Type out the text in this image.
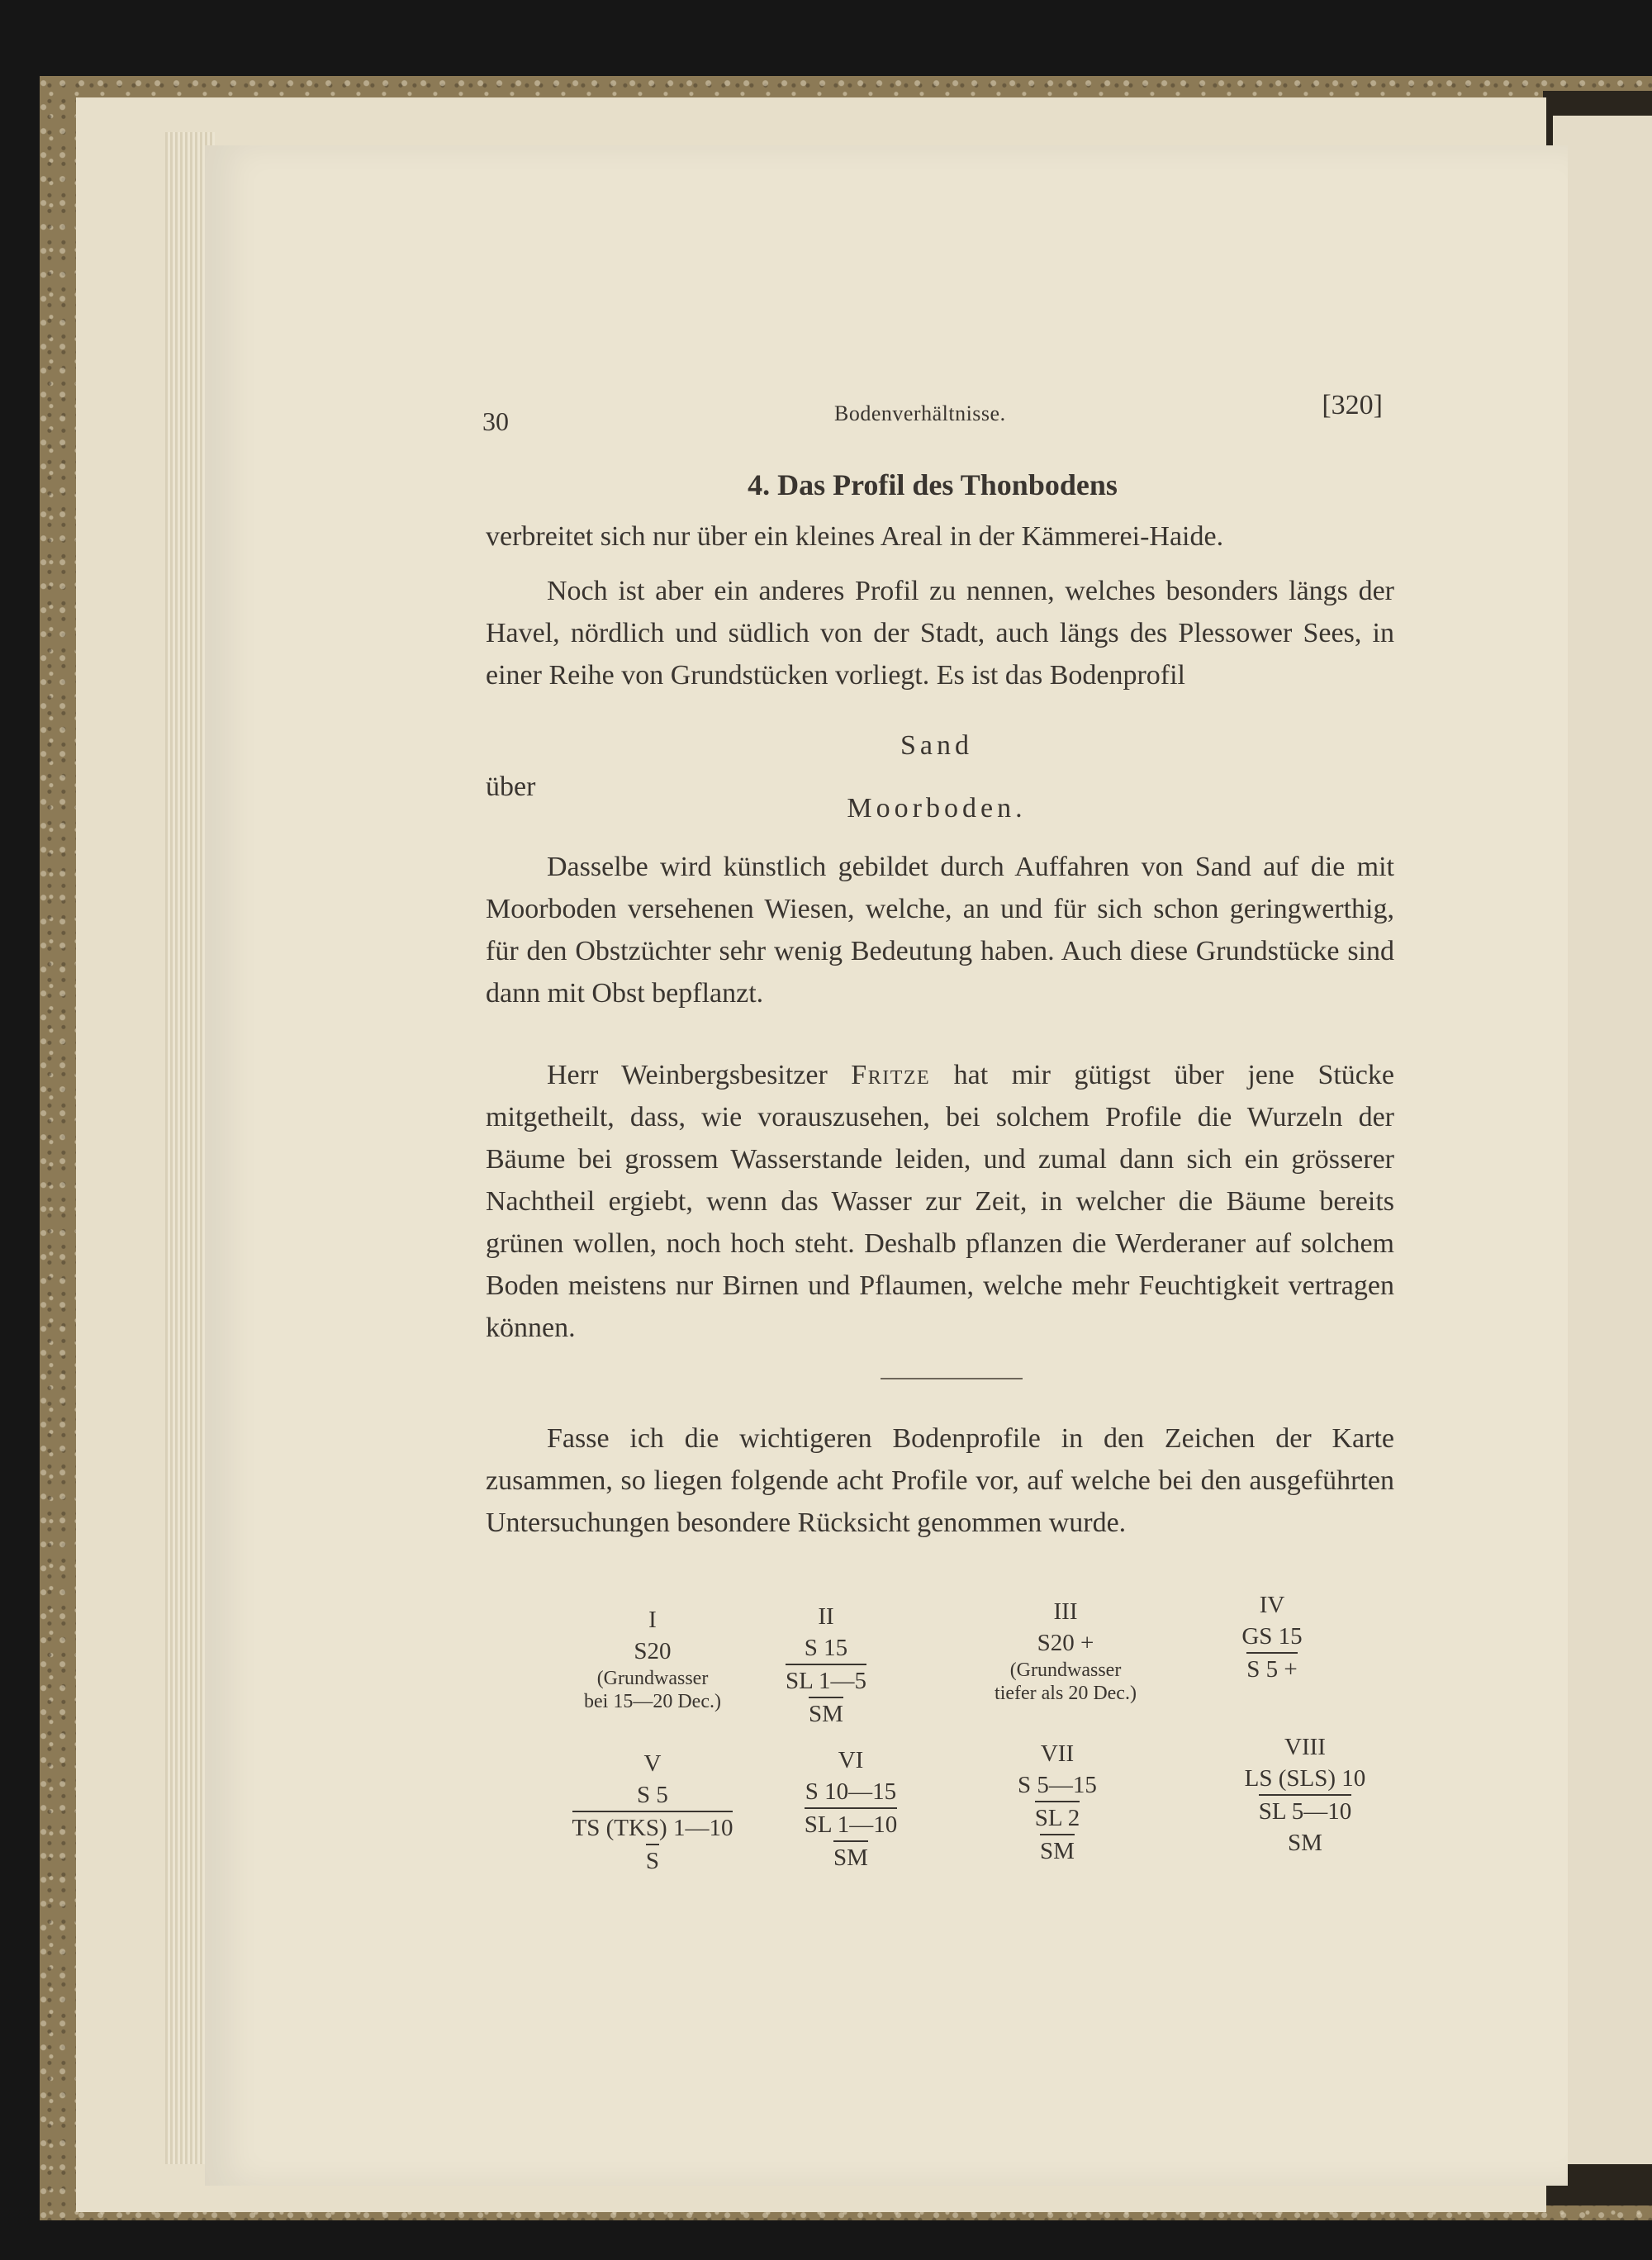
30	Bodenverhältnisse.	[320]
4. Das Profil des Thonbodens

verbreitet sich nur über ein kleines Areal in der Kämmerei-Haide.

Noch ist aber ein anderes Profil zu nennen, welches besonders längs der Havel, nördlich und südlich von der Stadt, auch längs des Plessower Sees, in einer Reihe von Grundstücken vorliegt. Es ist das Bodenprofil

Sand
über
Moorboden.

Dasselbe wird künstlich gebildet durch Auffahren von Sand auf die mit Moorboden versehenen Wiesen, welche, an und für sich schon geringwerthig, für den Obstzüchter sehr wenig Bedeutung haben. Auch diese Grundstücke sind dann mit Obst bepflanzt.

Herr Weinbergsbesitzer Fritze hat mir gütigst über jene Stücke mitgetheilt, dass, wie vorauszusehen, bei solchem Profile die Wurzeln der Bäume bei grossem Wasserstande leiden, und zumal dann sich ein grösserer Nachtheil ergiebt, wenn das Wasser zur Zeit, in welcher die Bäume bereits grünen wollen, noch hoch steht. Deshalb pflanzen die Werderaner auf solchem Boden meistens nur Birnen und Pflaumen, welche mehr Feuchtigkeit vertragen können.

Fasse ich die wichtigeren Bodenprofile in den Zeichen der Karte zusammen, so liegen folgende acht Profile vor, auf welche bei den ausgeführten Untersuchungen besondere Rücksicht genommen wurde.

I
S20
(Grundwasser
bei 15—20 Dec.)
II
S 15
SL 1—5
SM
III
S20 +
(Grundwasser
tiefer als 20 Dec.)
IV
GS 15
S 5 +
V
S 5
TS (TKS) 1—10
S
VI
S 10—15
SL 1—10
SM
VII
S 5—15
SL 2
SM
VIII
LS (SLS) 10
SL 5—10
SM
